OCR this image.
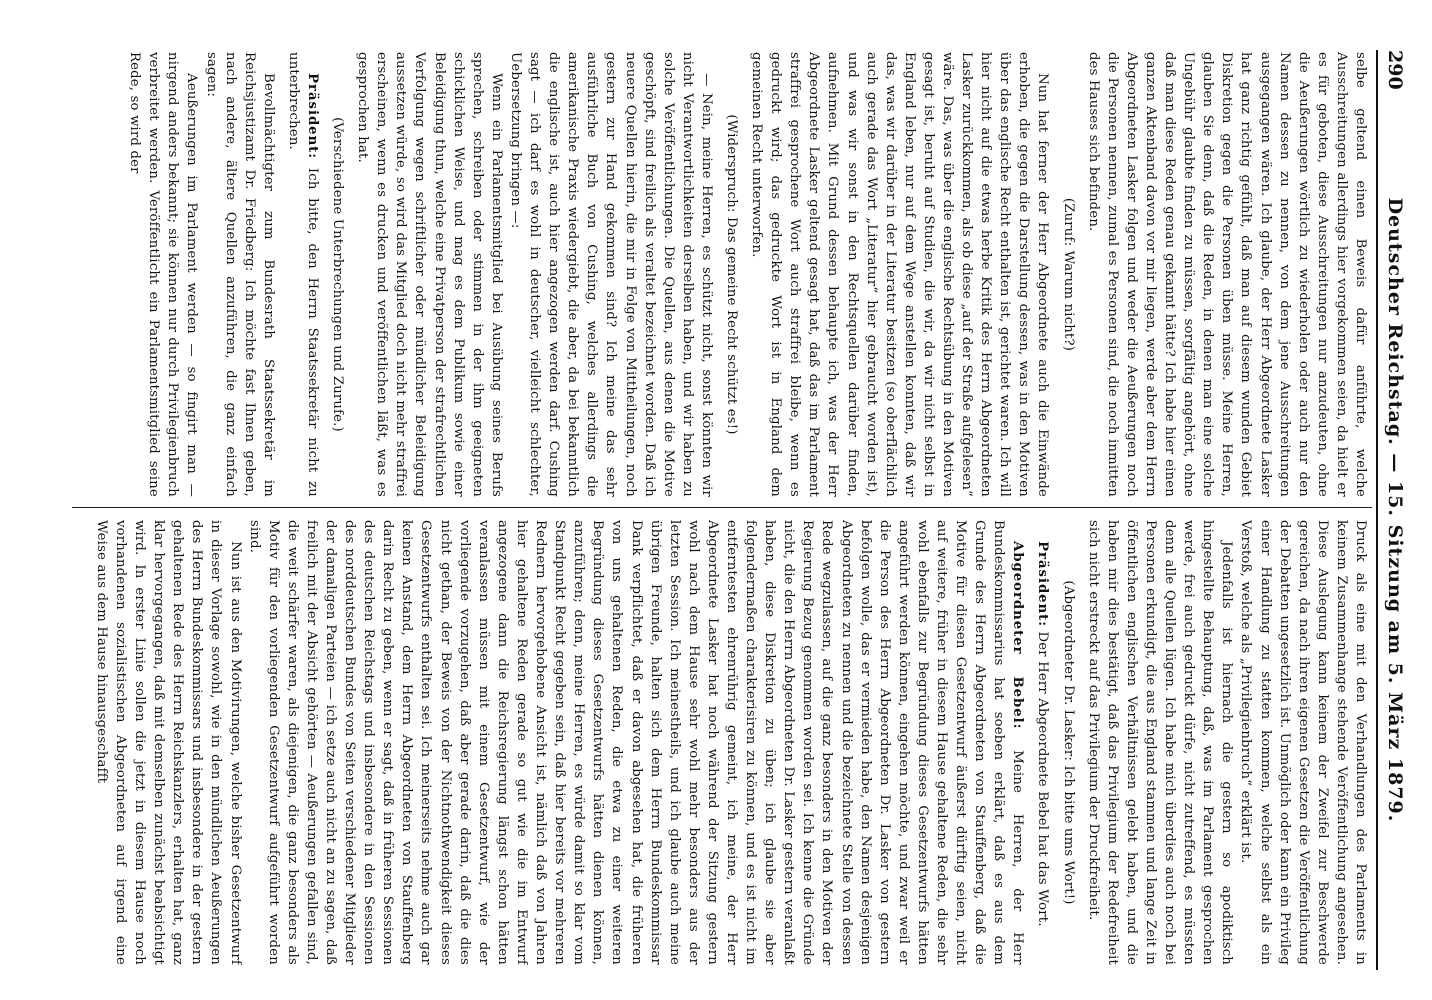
290
Deutscher Reichstag. — 15. Sitzung am 5. März 1879.

selbe geltend einen Beweis dafür anführte, welche Ausschreitungen allerdings hier vorgekommen seien, da hielt er es für geboten, diese Ausschreitungen nur anzudeuten, ohne die Aeußerungen wörtlich zu wiederholen oder auch nur den Namen dessen zu nennen, von dem jene Ausschreitungen ausgegangen wären. Ich glaube, der Herr Abgeordnete Lasker hat ganz richtig gefühlt, daß man auf diesem wunden Gebiet Diskretion gegen die Personen üben müsse. Meine Herren, glauben Sie denn, daß die Reden, in denen man eine solche Ungebühr glaubte finden zu müssen, sorgfältig angehört, ohne daß man diese Reden genau gekannt hätte? Ich habe hier einen ganzen Aktenband davon vor mir liegen, werde aber dem Herrn Abgeordneten Lasker folgen und weder die Aeußerungen noch die Personen nennen, zumal es Personen sind, die noch inmitten des Hauses sich befinden.

(Zuruf: Warum nicht?)

Nun hat ferner der Herr Abgeordnete auch die Einwände erhoben, die gegen die Darstellung dessen, was in den Motiven über das englische Recht enthalten ist, gerichtet waren. Ich will hier nicht auf die etwas herbe Kritik des Herrn Abgeordneten Lasker zurückkommen, als ob diese „auf der Straße aufgelesen“ wäre. Das, was über die englische Rechtsübung in den Motiven gesagt ist, beruht auf Studien, die wir, da wir nicht selbst in England leben, nur auf dem Wege anstellen konnten, daß wir das, was wir darüber in der Literatur besitzen (so oberflächlich auch gerade das Wort „Literatur“ hier gebraucht worden ist), und was wir sonst in den Rechtsquellen darüber finden, aufnehmen. Mit Grund dessen behaupte ich, was der Herr Abgeordnete Lasker geltend gesagt hat, daß das im Parlament straffrei gesprochene Wort auch straffrei bleibe, wenn es gedruckt wird; das gedruckte Wort ist in England dem gemeinen Recht unterworfen.

(Widerspruch: Das gemeine Recht schützt es!)

— Nein, meine Herren, es schützt nicht, sonst könnten wir nicht Verantwortlichkeiten derselben haben, und wir haben zu solche Veröffentlichungen. Die Quellen, aus denen die Motive geschöpft, sind freilich als veraltet bezeichnet worden. Daß ich neuere Quellen hierin, die mir in Folge von Mittheilungen, noch gestern zur Hand gekommen sind? Ich meine das sehr ausführliche Buch von Cushing, welches allerdings die amerikanische Praxis wiedergiebt, die aber, da bei bekanntlich die englische ist, auch hier angezogen werden darf. Cushing sagt — ich darf es wohl in deutscher, vielleicht schlechter, Uebersetzung bringen —:

Wenn ein Parlamentsmitglied bei Ausübung seines Berufs sprechen, schreiben oder stimmen in der ihm geeigneten schicklichen Weise, und mag es dem Publikum sowie einer Beleidigung thun, welche eine Privatperson der strafrechtlichen Verfolgung wegen schriftlicher oder mündlicher Beleidigung aussetzen würde, so wird das Mitglied doch nicht mehr straffrei erscheinen, wenn es drucken und veröffentlichen läßt, was es gesprochen hat.

(Verschiedene Unterbrechungen und Zurufe.)

Präsident: Ich bitte, den Herrn Staatssekretär nicht zu unterbrechen.

Bevollmächtigter zum Bundesrath Staatssekretär im Reichsjustizamt Dr. Friedberg: Ich möchte fast Ihnen geben, nach andere, ältere Quellen anzuführen, die ganz einfach sagen:

Aeußerungen im Parlament werden — so fingirt man — nirgend anders bekannt; sie können nur durch Privilegienbruch verbreitet werden. Veröffentlicht ein Parlamentsmitglied seine Rede, so wird der

Druck als eine mit den Verhandlungen des Parlaments in keinem Zusammenhange stehende Veröffentlichung angesehen. Diese Auslegung kann keinem der Zweifel zur Beschwerde gereichen, da nach ihren eigenen Gesetzen die Veröffentlichung der Debatten ungesetzlich ist. Unmöglich oder kann ein Privileg einer Handlung zu statten kommen, welche selbst als ein Verstoß, welche als „Privilegienbruch“ erklärt ist.

Jedenfalls ist hiernach die gestern so apodiktisch hingestellte Behauptung, daß, was im Parlament gesprochen werde, frei auch gedruckt dürfe, nicht zutreffend, es müssten denn alle Quellen lügen. Ich habe mich überdies auch noch bei Personen erkundigt, die aus England stammen und lange Zeit in öffentlichen englischen Verhältnissen gelebt haben, und die haben mir dies bestätigt, daß das Privilegium der Redefreiheit sich nicht erstreckt auf das Privilegium der Druckfreiheit.

(Abgeordneter Dr. Lasker: Ich bitte ums Wort!)

Präsident: Der Herr Abgeordnete Bebel hat das Wort.

Abgeordneter Bebel: Meine Herren, der Herr Bundeskommissarius hat soeben erklärt, daß es aus dem Grunde des Herrn Abgeordneten von Stauffenberg, daß die Motive für diesen Gesetzentwurf äußerst dürftig seien, nicht auf weitere, früher in diesem Hause gehaltene Reden, die sehr wohl ebenfalls zur Begründung dieses Gesetzentwurfs hätten angeführt werden können, eingehen möchte, und zwar weil er die Person des Herrn Abgeordneten Dr. Lasker von gestern befolgen wolle, das er vermieden habe, den Namen desjenigen Abgeordneten zu nennen und die bezeichnete Stelle von dessen Rede wegzulassen, auf die ganz besonders in den Motiven der Regierung Bezug genommen worden sei. Ich kenne die Gründe nicht, die den Herrn Abgeordneten Dr. Lasker gestern veranlaßt haben, diese Diskretion zu üben; ich glaube sie aber folgendermaßen charakterisiren zu können, und es ist nicht im entferntesten ehrenrührig gemeint, ich meine, der Herr Abgeordnete Lasker hat noch während der Sitzung gestern wohl nach dem Hause sehr wohl mehr besonders aus der letzten Session. Ich meinestheils, und ich glaube auch meine übrigen Freunde, halten sich dem Herrn Bundeskommissar Dank verpflichtet, daß er davon abgesehen hat, die früheren von uns gehaltenen Reden, die etwa zu einer weiteren Begründung dieses Gesetzentwurfs hätten dienen können, anzuführen; denn, meine Herren, es würde damit so klar vom Standpunkt Recht gegeben sein, daß hier bereits vor mehreren Rednern hervorgehobene Ansicht ist, nämlich daß von Jahren hier gehaltene Reden gerade so gut wie die im Entwurf angezogene dann die Reichsregierung längst schon hätten veranlassen müssen mit einem Gesetzentwurf, wie der vorliegende vorzugehen, daß aber gerade darin, daß die dies nicht gethan, der Beweis von der Nichtnothwendigkeit dieses Gesetzentwurfs enthalten sei. Ich meinerseits nehme auch gar keinen Anstand, dem Herrn Abgeordneten von Stauffenberg darin Recht zu geben, wenn er sagt, daß in früheren Sessionen des deutschen Reichstags und insbesondere in den Sessionen des norddeutschen Bundes von Seiten verschiedener Mitglieder der damaligen Parteien — ich setze auch nicht an zu sagen, daß freilich mit der Absicht gehörten — Aeußerungen gefallen sind, die weit schärfer waren, als diejenigen, die ganz besonders als Motiv für den vorliegenden Gesetzentwurf aufgeführt worden sind.

Nun ist aus den Motivirungen, welche bisher Gesetzentwurf in dieser Vorlage sowohl, wie in den mündlichen Aeußerungen des Herrn Bundeskommissars und insbesondere in der gestern gehaltenen Rede des Herrn Reichskanzlers, erhalten hat, ganz klar hervorgegangen, daß mit demselben zunächst beabsichtigt wird. In erster Linie sollen die jetzt in diesem Hause noch vorhandenen sozialistischen Abgeordneten auf irgend eine Weise aus dem Hause hinausgeschafft
